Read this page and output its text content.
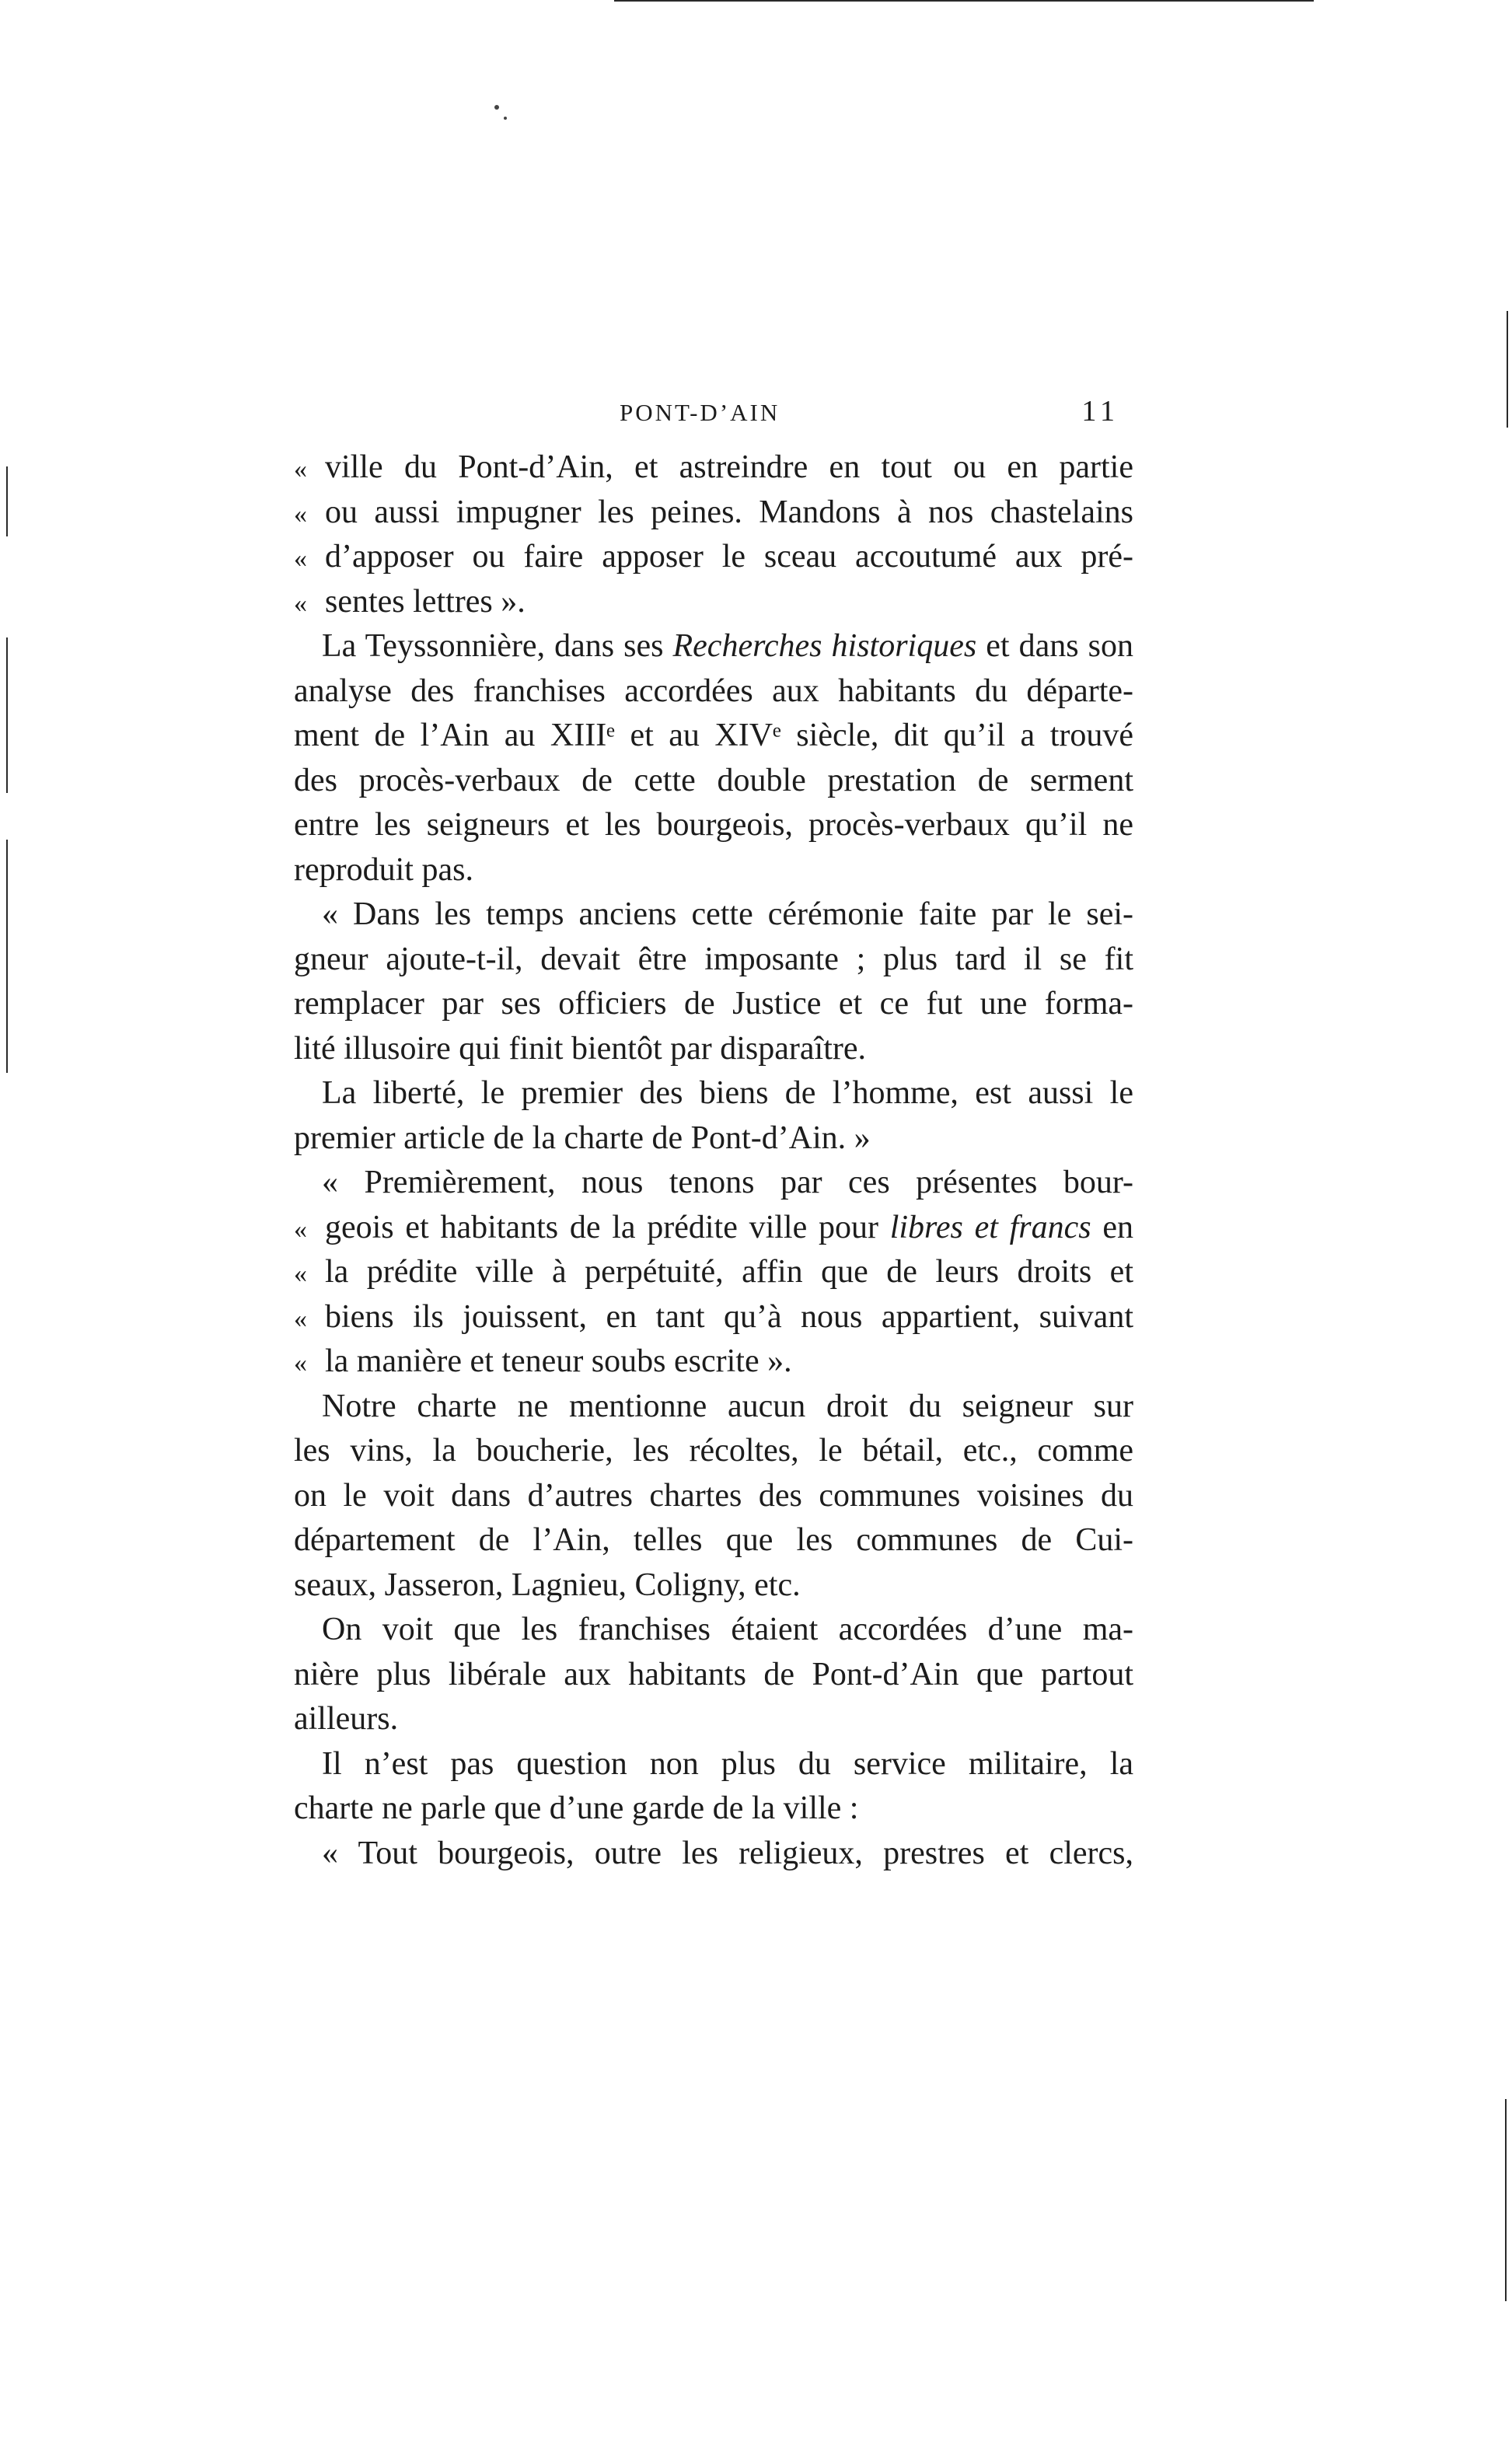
PONT-D’AIN	11
« ville du Pont-d’Ain, et astreindre en tout ou en partie
« ou aussi impugner les peines. Mandons à nos chastelains
« d’apposer ou faire apposer le sceau accoutumé aux pré-
« sentes lettres ».
La Teyssonnière, dans ses Recherches historiques et dans son
analyse des franchises accordées aux habitants du départe-
ment de l’Ain au XIIIᵉ et au XIVᵉ siècle, dit qu’il a trouvé
des procès-verbaux de cette double prestation de serment
entre les seigneurs et les bourgeois, procès-verbaux qu’il ne
reproduit pas.
« Dans les temps anciens cette cérémonie faite par le sei-
gneur ajoute-t-il, devait être imposante ; plus tard il se fit
remplacer par ses officiers de Justice et ce fut une forma-
lité illusoire qui finit bientôt par disparaître.
La liberté, le premier des biens de l’homme, est aussi le
premier article de la charte de Pont-d’Ain. »
« Premièrement, nous tenons par ces présentes bour-
« geois et habitants de la prédite ville pour libres et francs en
« la prédite ville à perpétuité, affin que de leurs droits et
« biens ils jouissent, en tant qu’à nous appartient, suivant
« la manière et teneur soubs escrite ».
Notre charte ne mentionne aucun droit du seigneur sur
les vins, la boucherie, les récoltes, le bétail, etc., comme
on le voit dans d’autres chartes des communes voisines du
département de l’Ain, telles que les communes de Cui-
seaux, Jasseron, Lagnieu, Coligny, etc.
On voit que les franchises étaient accordées d’une ma-
nière plus libérale aux habitants de Pont-d’Ain que partout
ailleurs.
Il n’est pas question non plus du service militaire, la
charte ne parle que d’une garde de la ville :
« Tout bourgeois, outre les religieux, prestres et clercs,
